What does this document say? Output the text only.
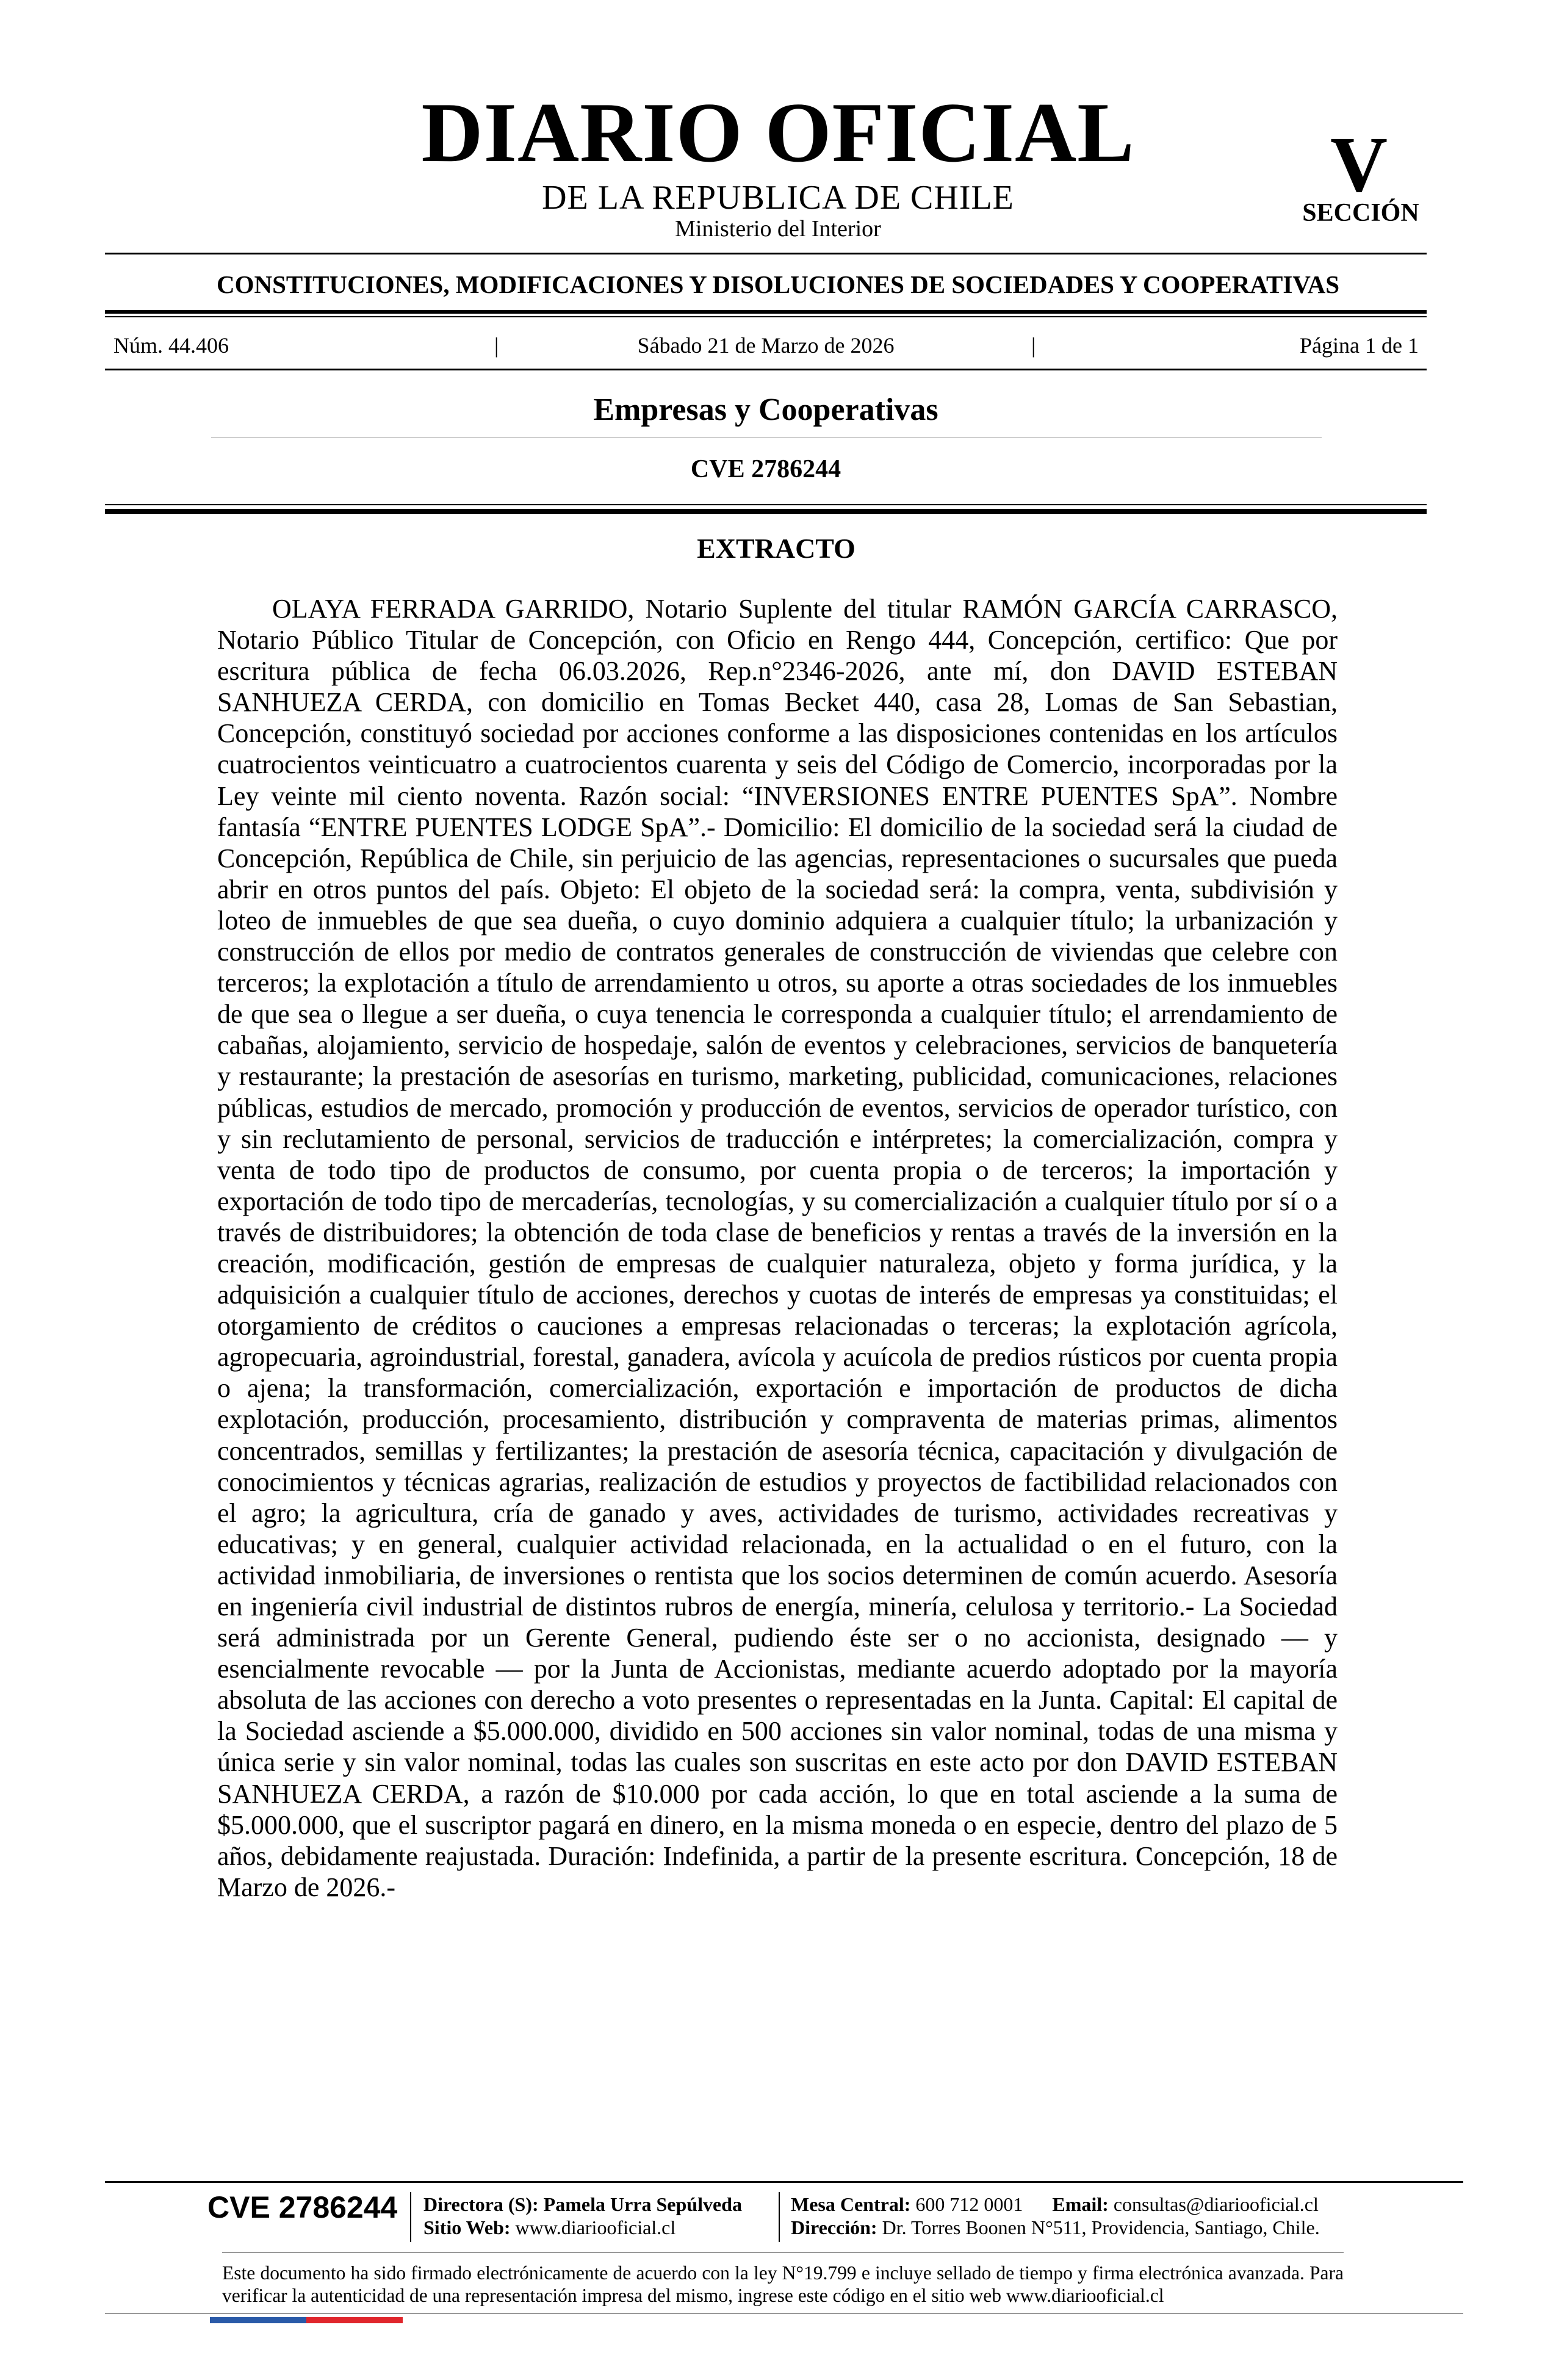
DIARIO OFICIAL
DE LA REPUBLICA DE CHILE
Ministerio del Interior
V
SECCIÓN
CONSTITUCIONES, MODIFICACIONES Y DISOLUCIONES DE SOCIEDADES Y COOPERATIVAS
Núm. 44.406	|	Sábado 21 de Marzo de 2026	|	Página 1 de 1
Empresas y Cooperativas
CVE 2786244
EXTRACTO

OLAYA FERRADA GARRIDO, Notario Suplente del titular RAMÓN GARCÍA CARRASCO, Notario Público Titular de Concepción, con Oficio en Rengo 444, Concepción, certifico: Que por escritura pública de fecha 06.03.2026, Rep.n°2346-2026, ante mí, don DAVID ESTEBAN SANHUEZA CERDA, con domicilio en Tomas Becket 440, casa 28, Lomas de San Sebastian, Concepción, constituyó sociedad por acciones conforme a las disposiciones contenidas en los artículos cuatrocientos veinticuatro a cuatrocientos cuarenta y seis del Código de Comercio, incorporadas por la Ley veinte mil ciento noventa. Razón social: “INVERSIONES ENTRE PUENTES SpA”. Nombre fantasía “ENTRE PUENTES LODGE SpA”.- Domicilio: El domicilio de la sociedad será la ciudad de Concepción, República de Chile, sin perjuicio de las agencias, representaciones o sucursales que pueda abrir en otros puntos del país. Objeto: El objeto de la sociedad será: la compra, venta, subdivisión y loteo de inmuebles de que sea dueña, o cuyo dominio adquiera a cualquier título; la urbanización y construcción de ellos por medio de contratos generales de construcción de viviendas que celebre con terceros; la explotación a título de arrendamiento u otros, su aporte a otras sociedades de los inmuebles de que sea o llegue a ser dueña, o cuya tenencia le corresponda a cualquier título; el arrendamiento de cabañas, alojamiento, servicio de hospedaje, salón de eventos y celebraciones, servicios de banquetería y restaurante; la prestación de asesorías en turismo, marketing, publicidad, comunicaciones, relaciones públicas, estudios de mercado, promoción y producción de eventos, servicios de operador turístico, con y sin reclutamiento de personal, servicios de traducción e intérpretes; la comercialización, compra y venta de todo tipo de productos de consumo, por cuenta propia o de terceros; la importación y exportación de todo tipo de mercaderías, tecnologías, y su comercialización a cualquier título por sí o a través de distribuidores; la obtención de toda clase de beneficios y rentas a través de la inversión en la creación, modificación, gestión de empresas de cualquier naturaleza, objeto y forma jurídica, y la adquisición a cualquier título de acciones, derechos y cuotas de interés de empresas ya constituidas; el otorgamiento de créditos o cauciones a empresas relacionadas o terceras; la explotación agrícola, agropecuaria, agroindustrial, forestal, ganadera, avícola y acuícola de predios rústicos por cuenta propia o ajena; la transformación, comercialización, exportación e importación de productos de dicha explotación, producción, procesamiento, distribución y compraventa de materias primas, alimentos concentrados, semillas y fertilizantes; la prestación de asesoría técnica, capacitación y divulgación de conocimientos y técnicas agrarias, realización de estudios y proyectos de factibilidad relacionados con el agro; la agricultura, cría de ganado y aves, actividades de turismo, actividades recreativas y educativas; y en general, cualquier actividad relacionada, en la actualidad o en el futuro, con la actividad inmobiliaria, de inversiones o rentista que los socios determinen de común acuerdo. Asesoría en ingeniería civil industrial de distintos rubros de energía, minería, celulosa y territorio.- La Sociedad será administrada por un Gerente General, pudiendo éste ser o no accionista, designado — y esencialmente revocable — por la Junta de Accionistas, mediante acuerdo adoptado por la mayoría absoluta de las acciones con derecho a voto presentes o representadas en la Junta. Capital: El capital de la Sociedad asciende a $5.000.000, dividido en 500 acciones sin valor nominal, todas de una misma y única serie y sin valor nominal, todas las cuales son suscritas en este acto por don DAVID ESTEBAN SANHUEZA CERDA, a razón de $10.000 por cada acción, lo que en total asciende a la suma de $5.000.000, que el suscriptor pagará en dinero, en la misma moneda o en especie, dentro del plazo de 5 años, debidamente reajustada. Duración: Indefinida, a partir de la presente escritura. Concepción, 18 de Marzo de 2026.-

CVE 2786244 Directora (S): Pamela Urra Sepúlveda
Sitio Web: www.diariooficial.cl
Mesa Central: 600 712 0001 Email: consultas@diariooficial.cl
Dirección: Dr. Torres Boonen N°511, Providencia, Santiago, Chile.

Este documento ha sido firmado electrónicamente de acuerdo con la ley N°19.799 e incluye sellado de tiempo y firma electrónica avanzada. Para verificar la autenticidad de una representación impresa del mismo, ingrese este código en el sitio web www.diariooficial.cl
